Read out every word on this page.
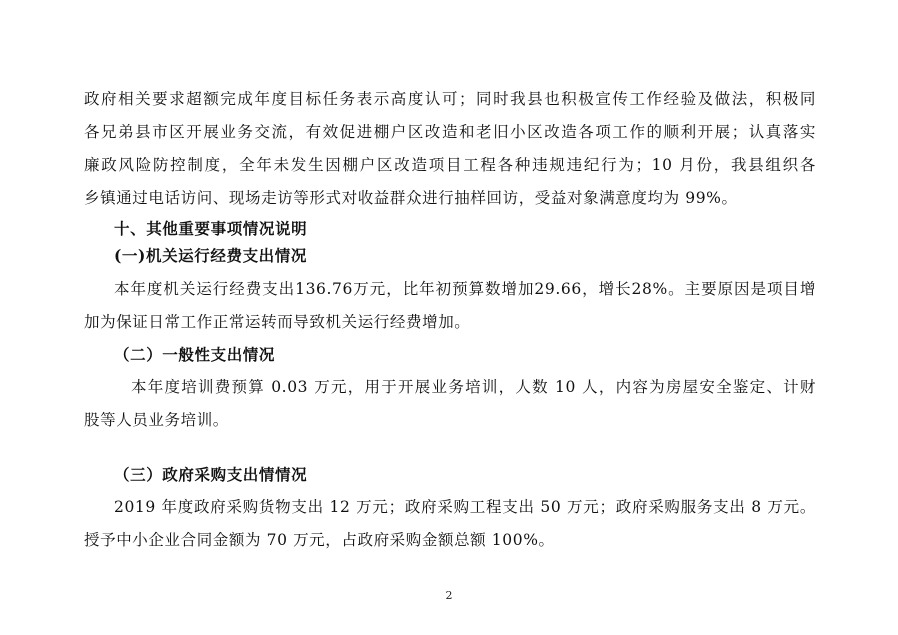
政府相关要求超额完成年度目标任务表示高度认可；同时我县也积极宣传工作经验及做法，积极同
各兄弟县市区开展业务交流，有效促进棚户区改造和老旧小区改造各项工作的顺利开展；认真落实
廉政风险防控制度，全年未发生因棚户区改造项目工程各种违规违纪行为；10 月份，我县组织各
乡镇通过电话访问、现场走访等形式对收益群众进行抽样回访，受益对象满意度均为 99%。
十、其他重要事项情况说明
(一)机关运行经费支出情况
本年度机关运行经费支出136.76万元，比年初预算数增加29.66，增长28%。主要原因是项目增
加为保证日常工作正常运转而导致机关运行经费增加。
（二）一般性支出情况
本年度培训费预算 0.03 万元，用于开展业务培训，人数 10 人，内容为房屋安全鉴定、计财
股等人员业务培训。
（三）政府采购支出情情况
2019 年度政府采购货物支出 12 万元；政府采购工程支出 50 万元；政府采购服务支出 8 万元。
授予中小企业合同金额为 70 万元，占政府采购金额总额 100%。
2
